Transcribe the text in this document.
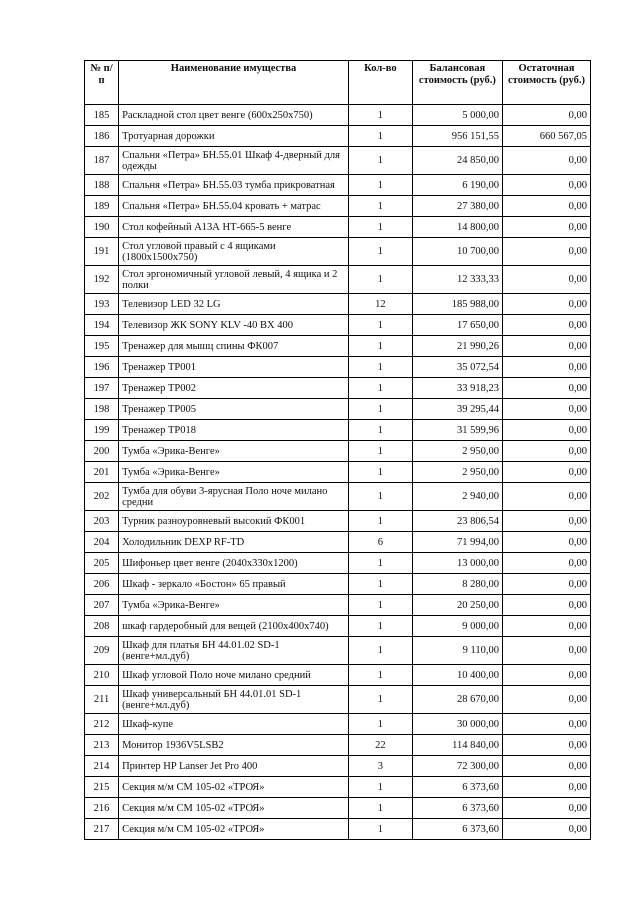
№ п/п	Наименование имущества	Кол-во	Балансовая стоимость (руб.)	Остаточная стоимость (руб.)
185	Раскладной стол цвет венге (600x250x750)	1	5 000,00	0,00
186	Тротуарная дорожки	1	956 151,55	660 567,05
187	Спальня «Петра» БН.55.01 Шкаф 4-дверный для одежды	1	24 850,00	0,00
188	Спальня «Петра» БН.55.03 тумба прикроватная	1	6 190,00	0,00
189	Спальня «Петра» БН.55.04 кровать + матрас	1	27 380,00	0,00
190	Стол кофейный А13А НТ-665-5 венге	1	14 800,00	0,00
191	Стол угловой правый с 4 ящиками (1800x1500x750)	1	10 700,00	0,00
192	Стол эргономичный угловой левый, 4 ящика и 2 полки	1	12 333,33	0,00
193	Телевизор LED 32 LG	12	185 988,00	0,00
194	Телевизор ЖК SONY KLV -40 BX 400	1	17 650,00	0,00
195	Тренажер для мышц спины ФК007	1	21 990,26	0,00
196	Тренажер ТР001	1	35 072,54	0,00
197	Тренажер ТР002	1	33 918,23	0,00
198	Тренажер ТР005	1	39 295,44	0,00
199	Тренажер ТР018	1	31 599,96	0,00
200	Тумба «Эрика-Венге»	1	2 950,00	0,00
201	Тумба «Эрика-Венге»	1	2 950,00	0,00
202	Тумба для обуви 3-ярусная Поло ноче милано средни	1	2 940,00	0,00
203	Турник разноуровневый высокий ФК001	1	23 806,54	0,00
204	Холодильник DEXP RF-TD	6	71 994,00	0,00
205	Шифоньер цвет венге (2040x330x1200)	1	13 000,00	0,00
206	Шкаф - зеркало «Бостон» 65 правый	1	8 280,00	0,00
207	Тумба «Эрика-Венге»	1	20 250,00	0,00
208	шкаф гардеробный для вещей (2100x400x740)	1	9 000,00	0,00
209	Шкаф для платья БН 44.01.02 SD-1 (венге+мл.дуб)	1	9 110,00	0,00
210	Шкаф угловой Поло ноче милано средний	1	10 400,00	0,00
211	Шкаф универсальный БН 44.01.01 SD-1 (венге+мл.дуб)	1	28 670,00	0,00
212	Шкаф-купе	1	30 000,00	0,00
213	Монитор 1936V5LSB2	22	114 840,00	0,00
214	Принтер HP Lanser Jet Pro 400	3	72 300,00	0,00
215	Секция м/м СМ 105-02 «ТРОЯ»	1	6 373,60	0,00
216	Секция м/м СМ 105-02 «ТРОЯ»	1	6 373,60	0,00
217	Секция м/м СМ 105-02 «ТРОЯ»	1	6 373,60	0,00
